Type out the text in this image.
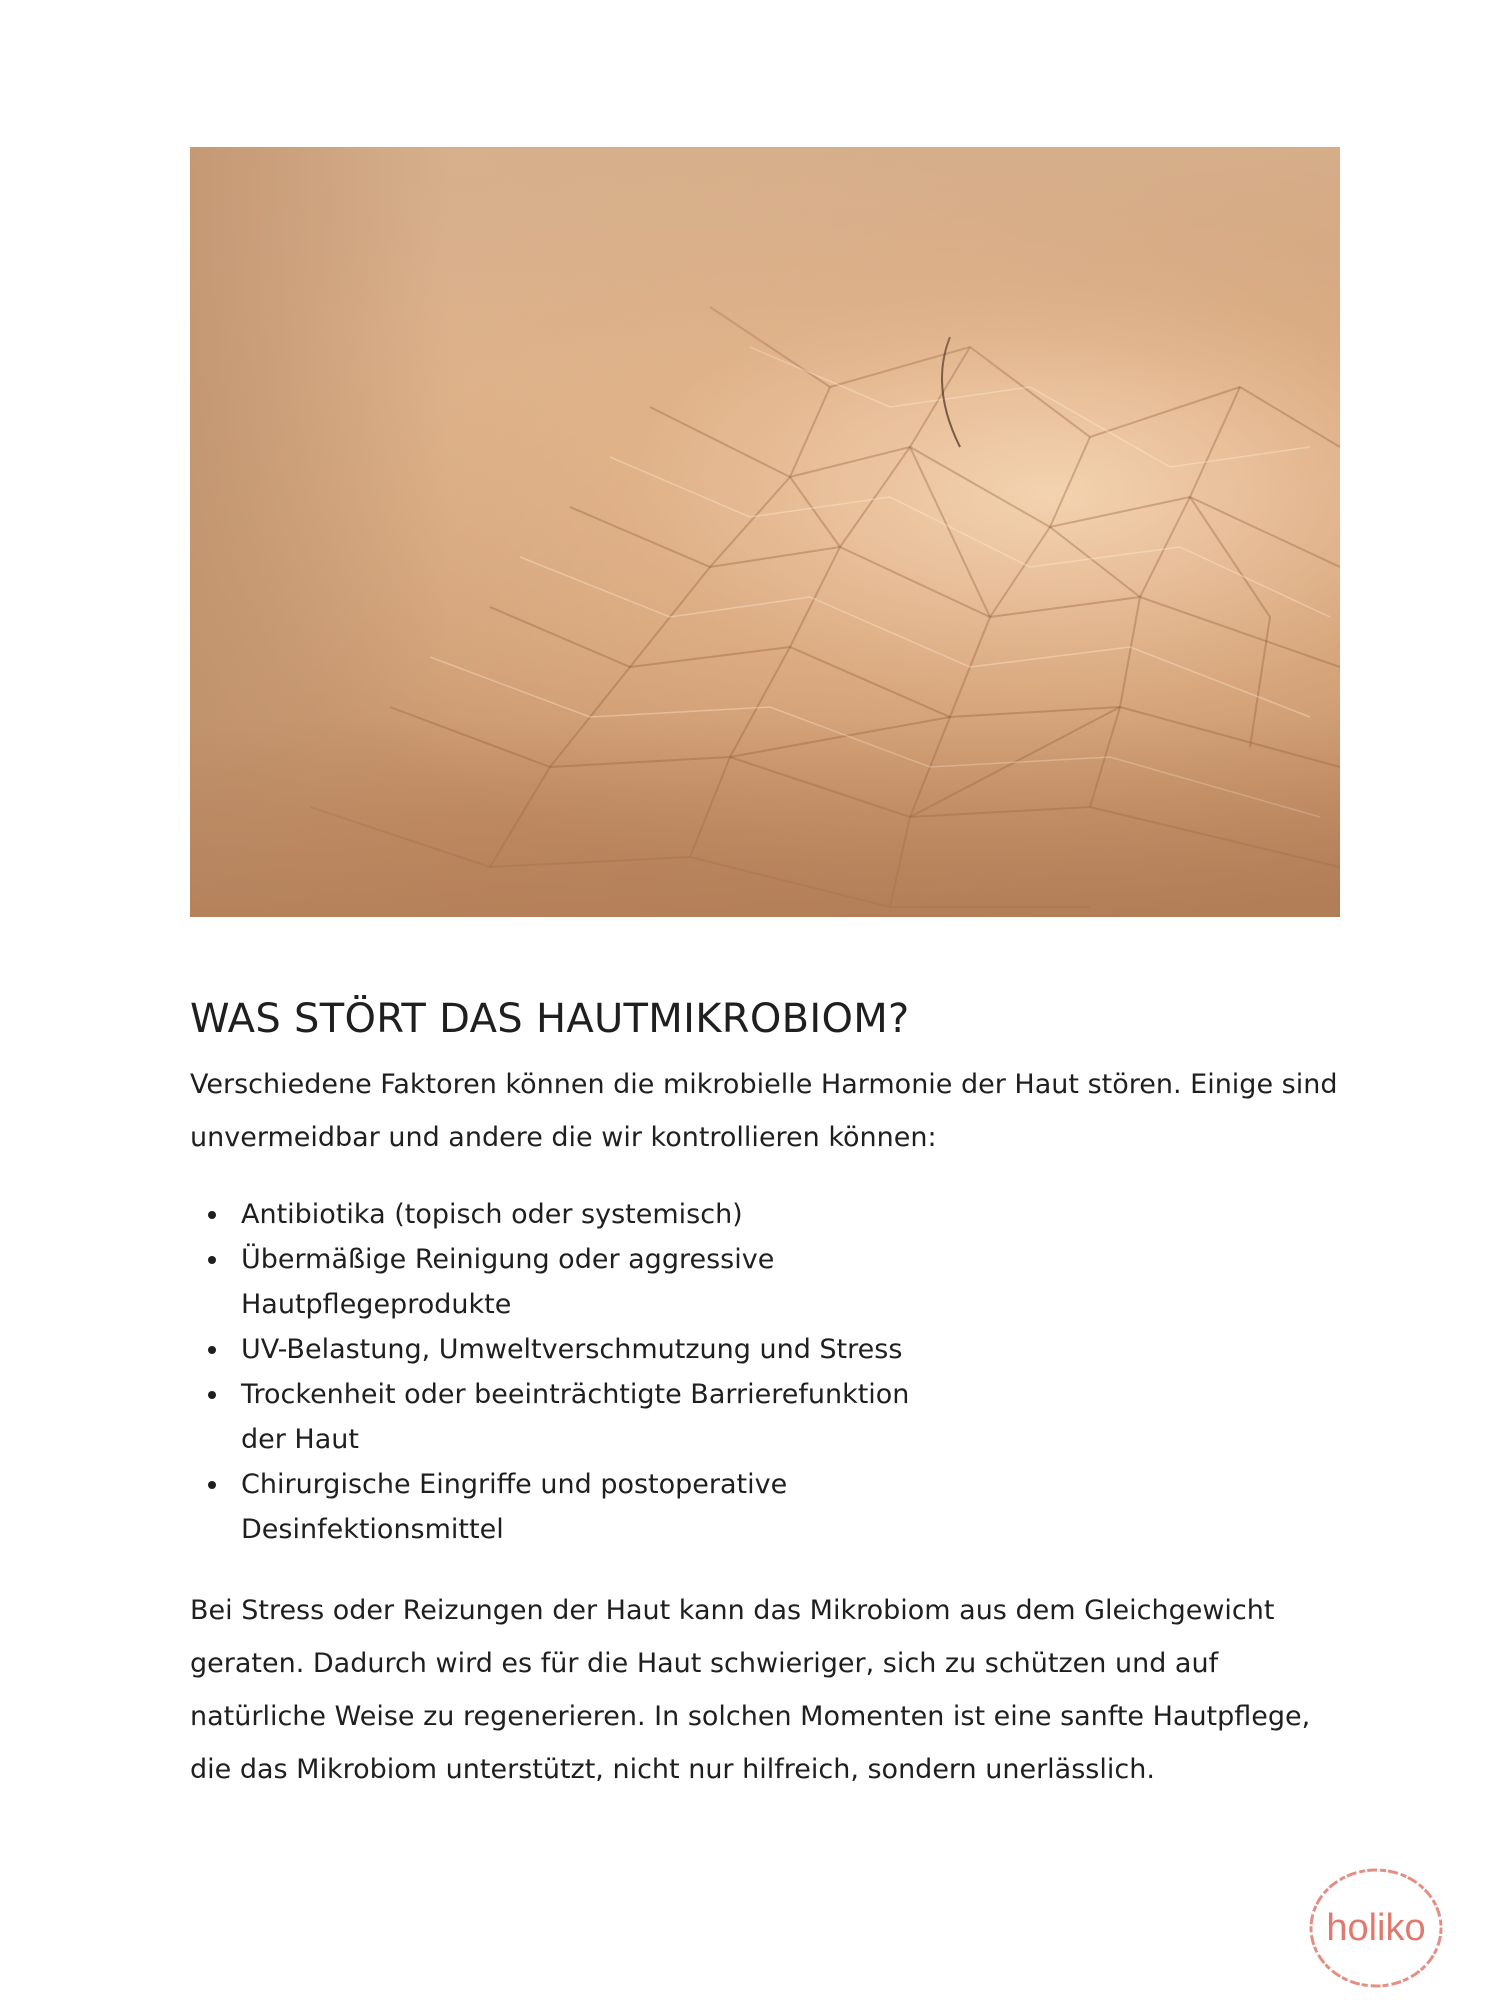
WAS STÖRT DAS HAUTMIKROBIOM?

Verschiedene Faktoren können die mikrobielle Harmonie der Haut stören. Einige sind unvermeidbar und andere die wir kontrollieren können:

Antibiotika (topisch oder systemisch)
Übermäßige Reinigung oder aggressive Hautpflegeprodukte
UV-Belastung, Umweltverschmutzung und Stress
Trockenheit oder beeinträchtigte Barrierefunktion der Haut
Chirurgische Eingriffe und postoperative Desinfektionsmittel

Bei Stress oder Reizungen der Haut kann das Mikrobiom aus dem Gleichgewicht geraten. Dadurch wird es für die Haut schwieriger, sich zu schützen und auf natürliche Weise zu regenerieren. In solchen Momenten ist eine sanfte Hautpflege, die das Mikrobiom unterstützt, nicht nur hilfreich, sondern unerlässlich.

holiko
